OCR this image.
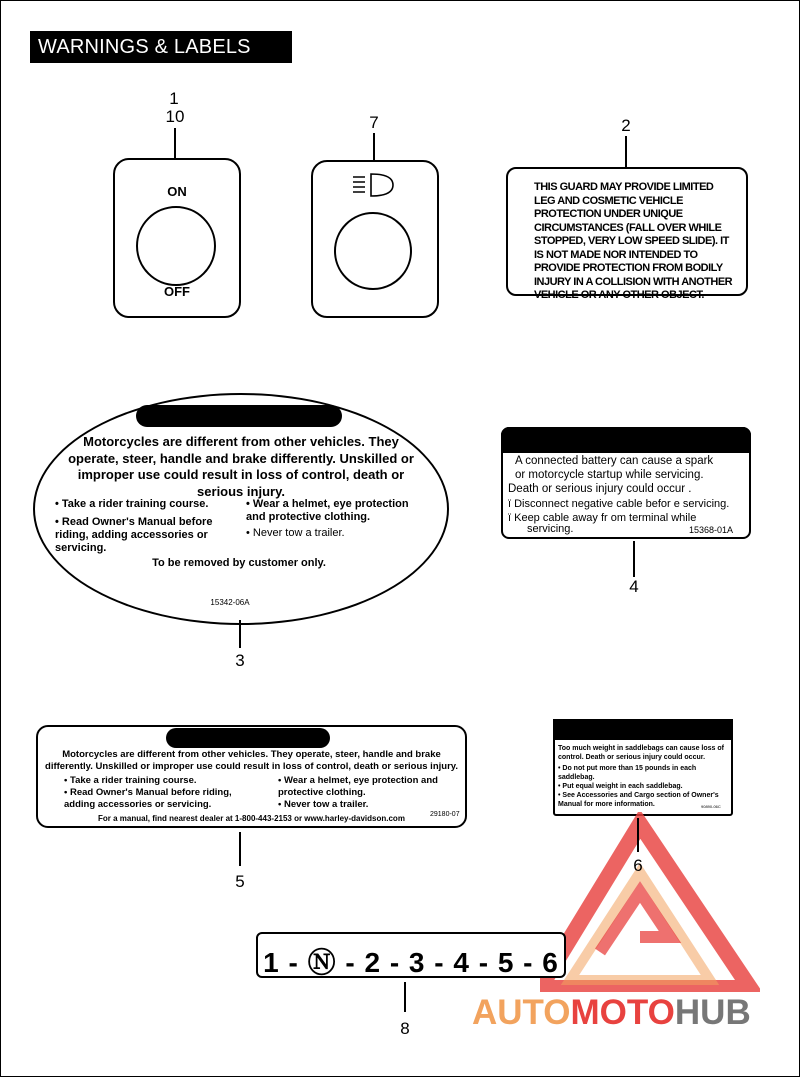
WARNINGS & LABELS
1
10
ON
OFF
7	2
THIS GUARD MAY PROVIDE LIMITED LEG AND COSMETIC VEHICLE PROTECTION UNDER UNIQUE CIRCUMSTANCES (FALL OVER WHILE STOPPED, VERY LOW SPEED SLIDE). IT IS NOT MADE NOR INTENDED TO PROVIDE PROTECTION FROM BODILY INJURY IN A COLLISION WITH ANOTHER VEHICLE OR ANY OTHER OBJECT.
Motorcycles are different from other vehicles. They operate, steer, handle and brake differently. Unskilled or improper use could result in loss of control, death or serious injury.
• Take a rider training course.
• Read Owner's Manual before riding, adding accessories or servicing.
• Wear a helmet, eye protection and protective clothing.
• Never tow a trailer.
To be removed by customer only.
15342-06A
3
A connected battery can cause a spark
or motorcycle startup while servicing.
Death or serious injury could occur .
ï Disconnect negative cable befor e servicing.
ï Keep cable away fr om terminal while
servicing.	15368-01A
4
Motorcycles are different from other vehicles. They operate, steer, handle and brake differently. Unskilled or improper use could result in loss of control, death or serious injury.
• Take a rider training course.
• Read Owner's Manual before riding, adding accessories or servicing.
• Wear a helmet, eye protection and protective clothing.
• Never tow a trailer.
For a manual, find nearest dealer at 1-800-443-2153 or www.harley-davidson.com	29180-07
5
Too much weight in saddlebags can cause loss of control. Death or serious injury could occur.
• Do not put more than 15 pounds in each saddlebag.
• Put equal weight in each saddlebag.
• See Accessories and Cargo section of Owner's Manual for more information.	90890-06C
6
1 - Ⓝ - 2 - 3 - 4 - 5 - 6
8 AUTOMOTOHUB
